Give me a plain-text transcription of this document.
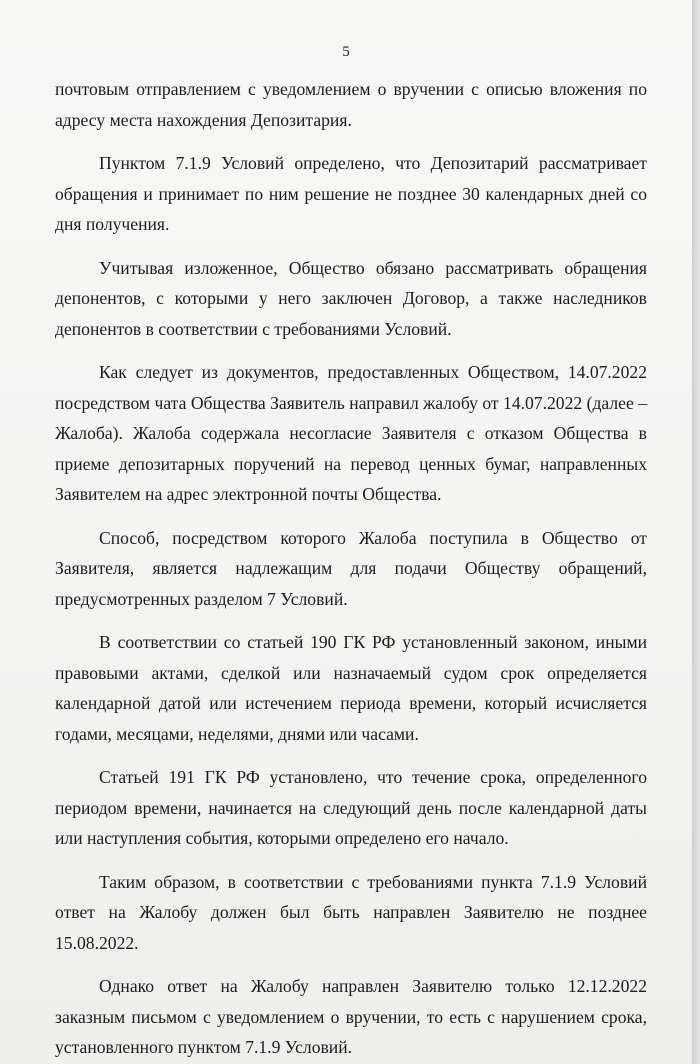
5

почтовым отправлением с уведомлением о вручении с описью вложения по адресу места нахождения Депозитария.

Пунктом 7.1.9 Условий определено, что Депозитарий рассматривает обращения и принимает по ним решение не позднее 30 календарных дней со дня получения.

Учитывая изложенное, Общество обязано рассматривать обращения депонентов, с которыми у него заключен Договор, а также наследников депонентов в соответствии с требованиями Условий.

Как следует из документов, предоставленных Обществом, 14.07.2022 посредством чата Общества Заявитель направил жалобу от 14.07.2022 (далее – Жалоба). Жалоба содержала несогласие Заявителя с отказом Общества в приеме депозитарных поручений на перевод ценных бумаг, направленных Заявителем на адрес электронной почты Общества.

Способ, посредством которого Жалоба поступила в Общество от Заявителя, является надлежащим для подачи Обществу обращений, предусмотренных разделом 7 Условий.

В соответствии со статьей 190 ГК РФ установленный законом, иными правовыми актами, сделкой или назначаемый судом срок определяется календарной датой или истечением периода времени, который исчисляется годами, месяцами, неделями, днями или часами.

Статьей 191 ГК РФ установлено, что течение срока, определенного периодом времени, начинается на следующий день после календарной даты или наступления события, которыми определено его начало.

Таким образом, в соответствии с требованиями пункта 7.1.9 Условий ответ на Жалобу должен был быть направлен Заявителю не позднее 15.08.2022.

Однако ответ на Жалобу направлен Заявителю только 12.12.2022 заказным письмом с уведомлением о вручении, то есть с нарушением срока, установленного пунктом 7.1.9 Условий.
